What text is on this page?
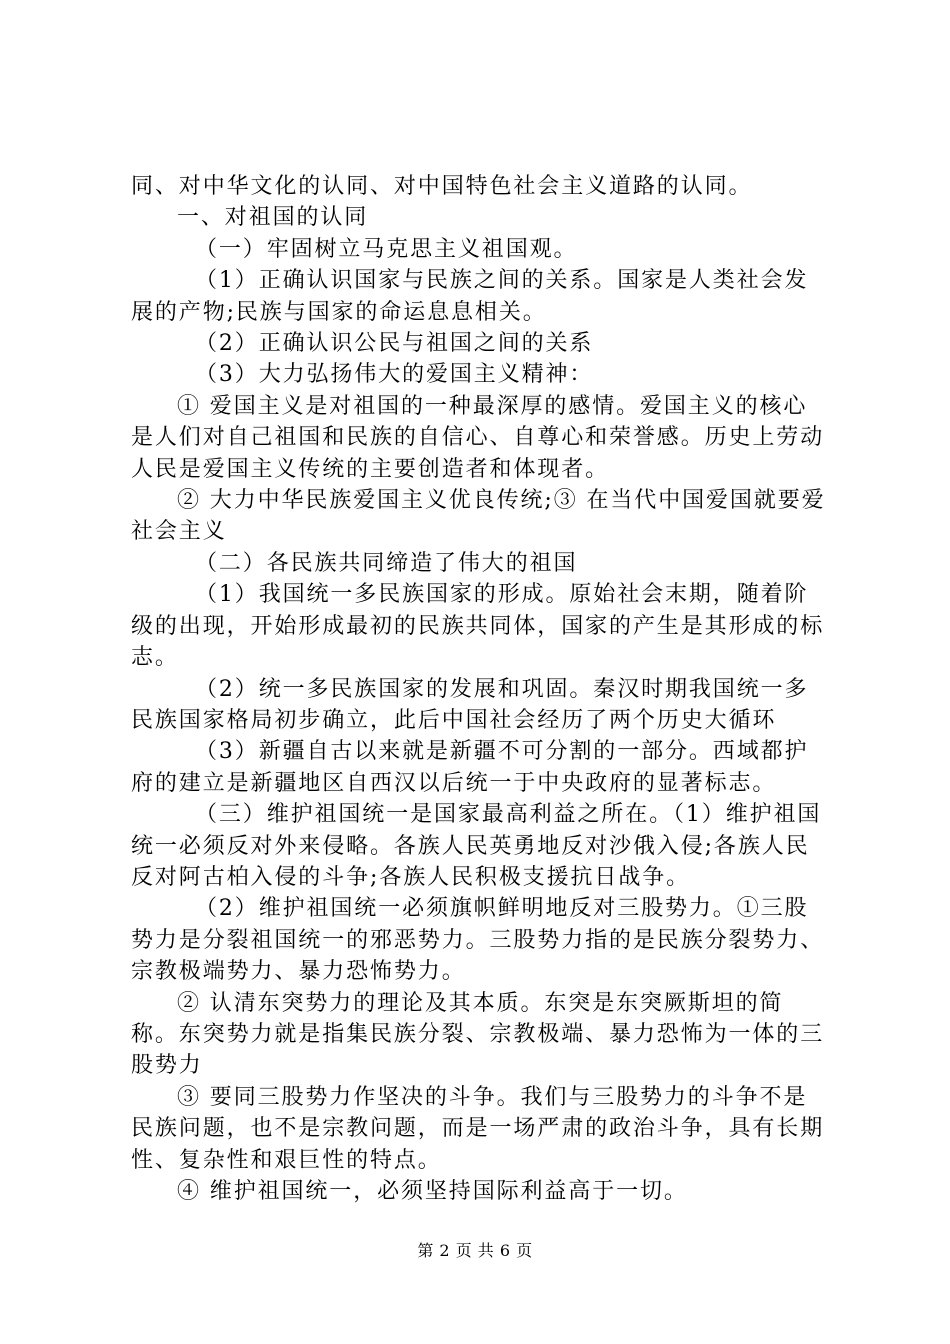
同、对中华文化的认同、对中国特色社会主义道路的认同。

一、对祖国的认同

（一）牢固树立马克思主义祖国观。

（1）正确认识国家与民族之间的关系。国家是人类社会发展的产物;民族与国家的命运息息相关。

（2）正确认识公民与祖国之间的关系

（3）大力弘扬伟大的爱国主义精神：

① 爱国主义是对祖国的一种最深厚的感情。爱国主义的核心是人们对自己祖国和民族的自信心、自尊心和荣誉感。历史上劳动人民是爱国主义传统的主要创造者和体现者。

② 大力中华民族爱国主义优良传统;③ 在当代中国爱国就要爱社会主义

（二）各民族共同缔造了伟大的祖国

（1）我国统一多民族国家的形成。原始社会末期，随着阶级的出现，开始形成最初的民族共同体，国家的产生是其形成的标志。

（2）统一多民族国家的发展和巩固。秦汉时期我国统一多民族国家格局初步确立，此后中国社会经历了两个历史大循环

（3）新疆自古以来就是新疆不可分割的一部分。西域都护府的建立是新疆地区自西汉以后统一于中央政府的显著标志。

（三）维护祖国统一是国家最高利益之所在。（1）维护祖国统一必须反对外来侵略。各族人民英勇地反对沙俄入侵;各族人民反对阿古柏入侵的斗争;各族人民积极支援抗日战争。

（2）维护祖国统一必须旗帜鲜明地反对三股势力。①三股势力是分裂祖国统一的邪恶势力。三股势力指的是民族分裂势力、宗教极端势力、暴力恐怖势力。

② 认清东突势力的理论及其本质。东突是东突厥斯坦的简称。东突势力就是指集民族分裂、宗教极端、暴力恐怖为一体的三股势力

③ 要同三股势力作坚决的斗争。我们与三股势力的斗争不是民族问题，也不是宗教问题，而是一场严肃的政治斗争，具有长期性、复杂性和艰巨性的特点。

④ 维护祖国统一，必须坚持国际利益高于一切。

第 2 页 共 6 页
